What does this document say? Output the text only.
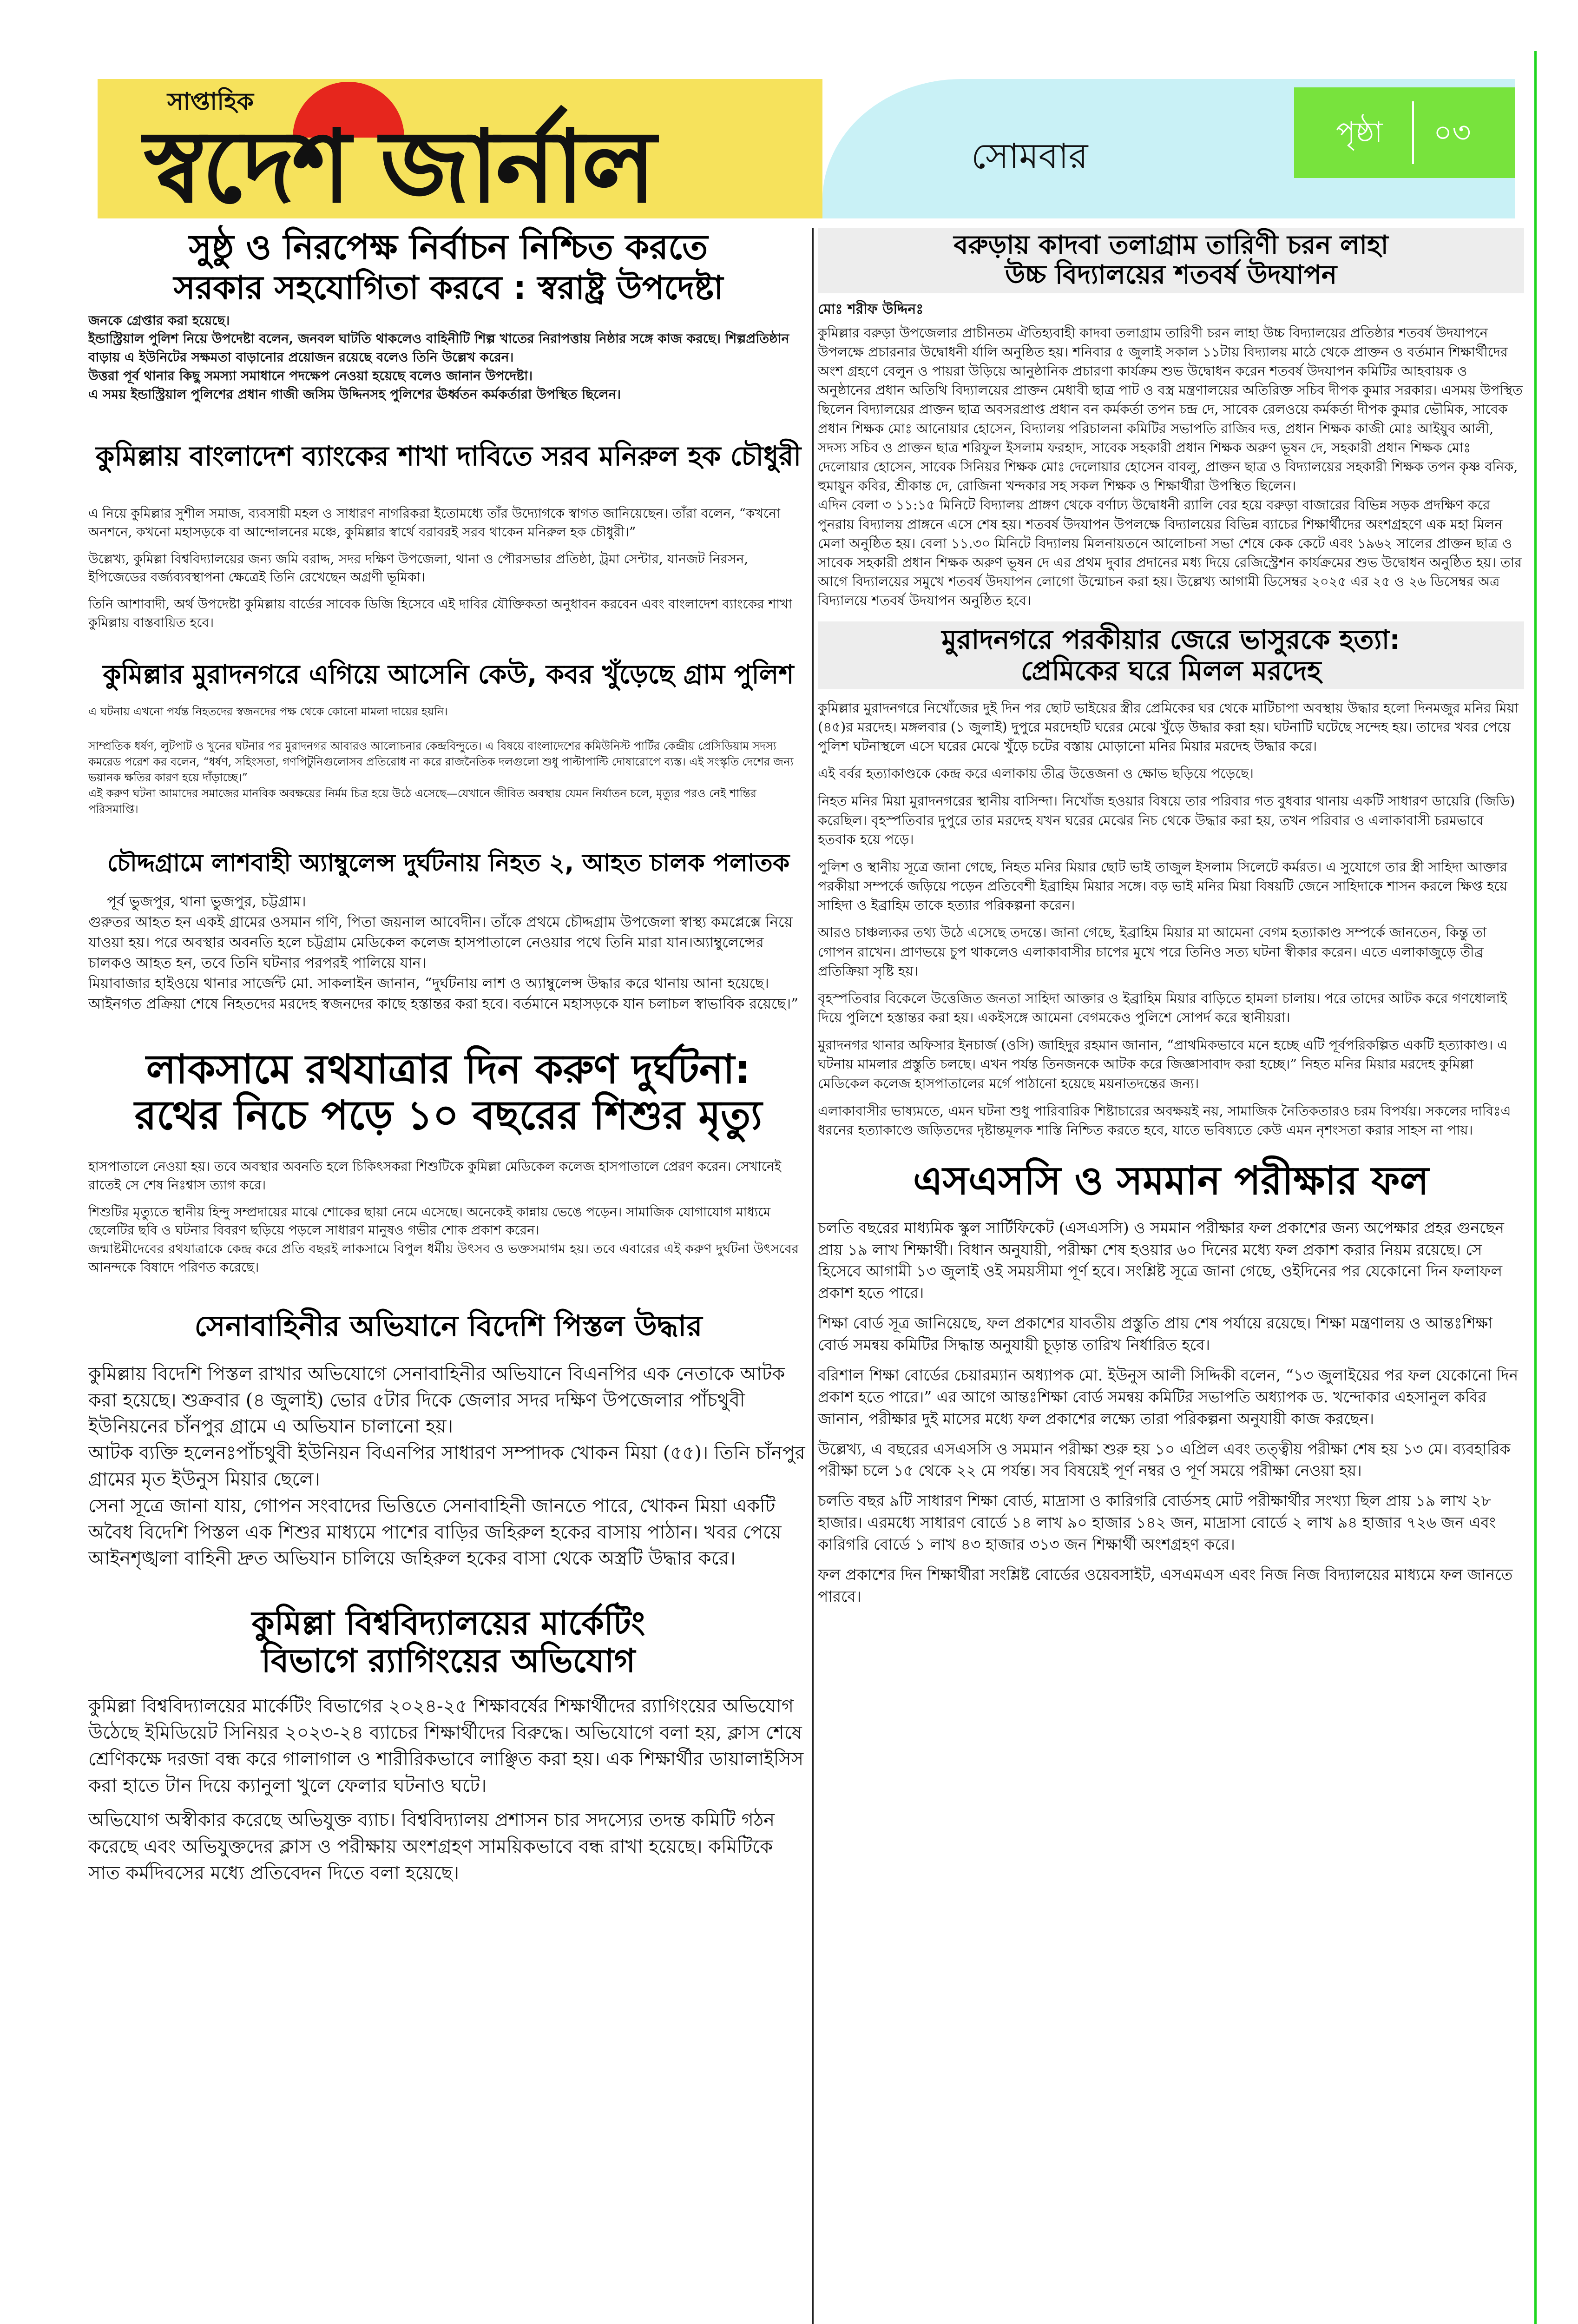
সাপ্তাহিক
স্বদেশ জার্নাল	সোমবার
পৃষ্ঠা ০৩
সুষ্ঠু ও নিরপেক্ষ নির্বাচন নিশ্চিত করতে
সরকার সহযোগিতা করবে : স্বরাষ্ট্র উপদেষ্টা

জনকে গ্রেপ্তার করা হয়েছে।

ইন্ডাস্ট্রিয়াল পুলিশ নিয়ে উপদেষ্টা বলেন, জনবল ঘাটতি থাকলেও বাহিনীটি শিল্প খাতের নিরাপত্তায় নিষ্ঠার সঙ্গে কাজ করছে। শিল্পপ্রতিষ্ঠান বাড়ায় এ ইউনিটের সক্ষমতা বাড়ানোর প্রয়োজন রয়েছে বলেও তিনি উল্লেখ করেন।

উত্তরা পূর্ব থানার কিছু সমস্যা সমাধানে পদক্ষেপ নেওয়া হয়েছে বলেও জানান উপদেষ্টা।

এ সময় ইন্ডাস্ট্রিয়াল পুলিশের প্রধান গাজী জসিম উদ্দিনসহ পুলিশের ঊর্ধ্বতন কর্মকর্তারা উপস্থিত ছিলেন।

কুমিল্লায় বাংলাদেশ ব্যাংকের শাখা দাবিতে সরব মনিরুল হক চৌধুরী

এ নিয়ে কুমিল্লার সুশীল সমাজ, ব্যবসায়ী মহল ও সাধারণ নাগরিকরা ইতোমধ্যে তাঁর উদ্যোগকে স্বাগত জানিয়েছেন। তাঁরা বলেন, “কখনো অনশনে, কখনো মহাসড়কে বা আন্দোলনের মঞ্চে, কুমিল্লার স্বার্থে বরাবরই সরব থাকেন মনিরুল হক চৌধুরী।”

উল্লেখ্য, কুমিল্লা বিশ্ববিদ্যালয়ের জন্য জমি বরাদ্দ, সদর দক্ষিণ উপজেলা, থানা ও পৌরসভার প্রতিষ্ঠা, ট্রমা সেন্টার, যানজট নিরসন, ইপিজেডের বর্জ্যব্যবস্থাপনা ক্ষেত্রেই তিনি রেখেছেন অগ্রণী ভূমিকা।

তিনি আশাবাদী, অর্থ উপদেষ্টা কুমিল্লায় বার্ডের সাবেক ডিজি হিসেবে এই দাবির যৌক্তিকতা অনুধাবন করবেন এবং বাংলাদেশ ব্যাংকের শাখা কুমিল্লায় বাস্তবায়িত হবে।

কুমিল্লার মুরাদনগরে এগিয়ে আসেনি কেউ, কবর খুঁড়েছে গ্রাম পুলিশ

এ ঘটনায় এখনো পর্যন্ত নিহতদের স্বজনদের পক্ষ থেকে কোনো মামলা দায়ের হয়নি।

সাম্প্রতিক ধর্ষণ, লুটপাট ও খুনের ঘটনার পর মুরাদনগর আবারও আলোচনার কেন্দ্রবিন্দুতে। এ বিষয়ে বাংলাদেশের কমিউনিস্ট পার্টির কেন্দ্রীয় প্রেসিডিয়াম সদস্য কমরেড পরেশ কর বলেন, “ধর্ষণ, সহিংসতা, গণপিটুনিগুলোসব প্রতিরোধ না করে রাজনৈতিক দলগুলো শুধু পাল্টাপাল্টি দোষারোপে ব্যস্ত। এই সংস্কৃতি দেশের জন্য ভয়ানক ক্ষতির কারণ হয়ে দাঁড়াচ্ছে।”

এই করুণ ঘটনা আমাদের সমাজের মানবিক অবক্ষয়ের নির্মম চিত্র হয়ে উঠে এসেছে—যেখানে জীবিত অবস্থায় যেমন নির্যাতন চলে, মৃত্যুর পরও নেই শান্তির পরিসমাপ্তি।

চৌদ্দগ্রামে লাশবাহী অ্যাম্বুলেন্স দুর্ঘটনায় নিহত ২, আহত চালক পলাতক

পূর্ব ভুজপুর, থানা ভুজপুর, চট্টগ্রাম।

গুরুতর আহত হন একই গ্রামের ওসমান গণি, পিতা জয়নাল আবেদীন। তাঁকে প্রথমে চৌদ্দগ্রাম উপজেলা স্বাস্থ্য কমপ্লেক্সে নিয়ে যাওয়া হয়। পরে অবস্থার অবনতি হলে চট্টগ্রাম মেডিকেল কলেজ হাসপাতালে নেওয়ার পথে তিনি মারা যান।অ্যাম্বুলেন্সের চালকও আহত হন, তবে তিনি ঘটনার পরপরই পালিয়ে যান।

মিয়াবাজার হাইওয়ে থানার সার্জেন্ট মো. সাকলাইন জানান, “দুর্ঘটনায় লাশ ও অ্যাম্বুলেন্স উদ্ধার করে থানায় আনা হয়েছে। আইনগত প্রক্রিয়া শেষে নিহতদের মরদেহ স্বজনদের কাছে হস্তান্তর করা হবে। বর্তমানে মহাসড়কে যান চলাচল স্বাভাবিক রয়েছে।”

লাকসামে রথযাত্রার দিন করুণ দুর্ঘটনা:
রথের নিচে পড়ে ১০ বছরের শিশুর মৃত্যু

হাসপাতালে নেওয়া হয়। তবে অবস্থার অবনতি হলে চিকিৎসকরা শিশুটিকে কুমিল্লা মেডিকেল কলেজ হাসপাতালে প্রেরণ করেন। সেখানেই রাতেই সে শেষ নিঃশ্বাস ত্যাগ করে।

শিশুটির মৃত্যুতে স্থানীয় হিন্দু সম্প্রদায়ের মাঝে শোকের ছায়া নেমে এসেছে। অনেকেই কান্নায় ভেঙে পড়েন। সামাজিক যোগাযোগ মাধ্যমে ছেলেটির ছবি ও ঘটনার বিবরণ ছড়িয়ে পড়লে সাধারণ মানুষও গভীর শোক প্রকাশ করেন।

জন্মাষ্টমীদেবের রথযাত্রাকে কেন্দ্র করে প্রতি বছরই লাকসামে বিপুল ধর্মীয় উৎসব ও ভক্তসমাগম হয়। তবে এবারের এই করুণ দুর্ঘটনা উৎসবের আনন্দকে বিষাদে পরিণত করেছে।

সেনাবাহিনীর অভিযানে বিদেশি পিস্তল উদ্ধার

কুমিল্লায় বিদেশি পিস্তল রাখার অভিযোগে সেনাবাহিনীর অভিযানে বিএনপির এক নেতাকে আটক করা হয়েছে। শুক্রবার (৪ জুলাই) ভোর ৫টার দিকে জেলার সদর দক্ষিণ উপজেলার পাঁচথুবী ইউনিয়নের চাঁনপুর গ্রামে এ অভিযান চালানো হয়।

আটক ব্যক্তি হলেনঃপাঁচথুবী ইউনিয়ন বিএনপির সাধারণ সম্পাদক খোকন মিয়া (৫৫)। তিনি চাঁনপুর গ্রামের মৃত ইউনুস মিয়ার ছেলে।

সেনা সূত্রে জানা যায়, গোপন সংবাদের ভিত্তিতে সেনাবাহিনী জানতে পারে, খোকন মিয়া একটি অবৈধ বিদেশি পিস্তল এক শিশুর মাধ্যমে পাশের বাড়ির জহিরুল হকের বাসায় পাঠান। খবর পেয়ে আইনশৃঙ্খলা বাহিনী দ্রুত অভিযান চালিয়ে জহিরুল হকের বাসা থেকে অস্ত্রটি উদ্ধার করে।

কুমিল্লা বিশ্ববিদ্যালয়ের মার্কেটিং
বিভাগে র‍্যাগিংয়ের অভিযোগ

কুমিল্লা বিশ্ববিদ্যালয়ের মার্কেটিং বিভাগের ২০২৪-২৫ শিক্ষাবর্ষের শিক্ষার্থীদের র‍্যাগিংয়ের অভিযোগ উঠেছে ইমিডিয়েট সিনিয়র ২০২৩-২৪ ব্যাচের শিক্ষার্থীদের বিরুদ্ধে। অভিযোগে বলা হয়, ক্লাস শেষে শ্রেণিকক্ষে দরজা বন্ধ করে গালাগাল ও শারীরিকভাবে লাঞ্ছিত করা হয়। এক শিক্ষার্থীর ডায়ালাইসিস করা হাতে টান দিয়ে ক্যানুলা খুলে ফেলার ঘটনাও ঘটে।

অভিযোগ অস্বীকার করেছে অভিযুক্ত ব্যাচ। বিশ্ববিদ্যালয় প্রশাসন চার সদস্যের তদন্ত কমিটি গঠন করেছে এবং অভিযুক্তদের ক্লাস ও পরীক্ষায় অংশগ্রহণ সাময়িকভাবে বন্ধ রাখা হয়েছে। কমিটিকে সাত কর্মদিবসের মধ্যে প্রতিবেদন দিতে বলা হয়েছে।

বরুড়ায় কাদবা তলাগ্রাম তারিণী চরন লাহা
উচ্চ বিদ্যালয়ের শতবর্ষ উদযাপন
মোঃ শরীফ উদ্দিনঃ

কুমিল্লার বরুড়া উপজেলার প্রাচীনতম ঐতিহ্যবাহী কাদবা তলাগ্রাম তারিণী চরন লাহা উচ্চ বিদ্যালয়ের প্রতিষ্ঠার শতবর্ষ উদযাপনে উপলক্ষে প্রচারনার উদ্বোধনী র্যালি অনুষ্ঠিত হয়। শনিবার ৫ জুলাই সকাল ১১টায় বিদ্যালয় মাঠে থেকে প্রাক্তন ও বর্তমান শিক্ষার্থীদের অংশ গ্রহণে বেলুন ও পায়রা উড়িয়ে আনুষ্ঠানিক প্রচারণা কার্যক্রম শুভ উদ্বোধন করেন শতবর্ষ উদযাপন কমিটির আহবায়ক ও অনুষ্ঠানের প্রধান অতিথি বিদ্যালয়ের প্রাক্তন মেধাবী ছাত্র পাট ও বস্ত্র মন্ত্রণালয়ের অতিরিক্ত সচিব দীপক কুমার সরকার। এসময় উপস্থিত ছিলেন বিদ্যালয়ের প্রাক্তন ছাত্র অবসরপ্রাপ্ত প্রধান বন কর্মকর্তা তপন চন্দ্র দে, সাবেক রেলওয়ে কর্মকর্তা দীপক কুমার ভৌমিক, সাবেক প্রধান শিক্ষক মোঃ আনোয়ার হোসেন, বিদ্যালয় পরিচালনা কমিটির সভাপতি রাজিব দত্ত, প্রধান শিক্ষক কাজী মোঃ আইয়ুব আলী, সদস্য সচিব ও প্রাক্তন ছাত্র শরিফুল ইসলাম ফরহাদ, সাবেক সহকারী প্রধান শিক্ষক অরুণ ভূষন দে, সহকারী প্রধান শিক্ষক মোঃ দেলোয়ার হোসেন, সাবেক সিনিয়র শিক্ষক মোঃ দেলোয়ার হোসেন বাবলু, প্রাক্তন ছাত্র ও বিদ্যালয়ের সহকারী শিক্ষক তপন কৃষ্ণ বনিক, হুমায়ুন কবির, শ্রীকান্ত দে, রোজিনা খন্দকার সহ সকল শিক্ষক ও শিক্ষার্থীরা উপস্থিত ছিলেন।

এদিন বেলা ৩ ১১:১৫ মিনিটে বিদ্যালয় প্রাঙ্গণ থেকে বর্ণাঢ্য উদ্বোধনী র‍্যালি বের হয়ে বরুড়া বাজারের বিভিন্ন সড়ক প্রদক্ষিণ করে পুনরায় বিদ্যালয় প্রাঙ্গনে এসে শেষ হয়। শতবর্ষ উদযাপন উপলক্ষে বিদ্যালয়ের বিভিন্ন ব্যাচের শিক্ষার্থীদের অংশগ্রহণে এক মহা মিলন মেলা অনুষ্ঠিত হয়। বেলা ১১.৩০ মিনিটে বিদ্যালয় মিলনায়তনে আলোচনা সভা শেষে কেক কেটে এবং ১৯৬২ সালের প্রাক্তন ছাত্র ও সাবেক সহকারী প্রধান শিক্ষক অরুণ ভূষন দে এর প্রথম দুবার প্রদানের মধ্য দিয়ে রেজিস্ট্রেশন কার্যক্রমের শুভ উদ্বোধন অনুষ্ঠিত হয়। তার আগে বিদ্যালয়ের সমুখে শতবর্ষ উদযাপন লোগো উন্মোচন করা হয়। উল্লেখ্য আগামী ডিসেম্বর ২০২৫ এর ২৫ ও ২৬ ডিসেম্বর অত্র বিদ্যালয়ে শতবর্ষ উদযাপন অনুষ্ঠিত হবে।

মুরাদনগরে পরকীয়ার জেরে ভাসুরকে হত্যা:
প্রেমিকের ঘরে মিলল মরদেহ

কুমিল্লার মুরাদনগরে নিখোঁজের দুই দিন পর ছোট ভাইয়ের স্ত্রীর প্রেমিকের ঘর থেকে মাটিচাপা অবস্থায় উদ্ধার হলো দিনমজুর মনির মিয়া (৪৫)র মরদেহ। মঙ্গলবার (১ জুলাই) দুপুরে মরদেহটি ঘরের মেঝে খুঁড়ে উদ্ধার করা হয়। ঘটনাটি ঘটেছে সন্দেহ হয়। তাদের খবর পেয়ে পুলিশ ঘটনাস্থলে এসে ঘরের মেঝে খুঁড়ে চটের বস্তায় মোড়ানো মনির মিয়ার মরদেহ উদ্ধার করে।

এই বর্বর হত্যাকাণ্ডকে কেন্দ্র করে এলাকায় তীব্র উত্তেজনা ও ক্ষোভ ছড়িয়ে পড়েছে।

নিহত মনির মিয়া মুরাদনগরের স্থানীয় বাসিন্দা। নিখোঁজ হওয়ার বিষয়ে তার পরিবার গত বুধবার থানায় একটি সাধারণ ডায়েরি (জিডি) করেছিল। বৃহস্পতিবার দুপুরে তার মরদেহ যখন ঘরের মেঝের নিচ থেকে উদ্ধার করা হয়, তখন পরিবার ও এলাকাবাসী চরমভাবে হতবাক হয়ে পড়ে।

পুলিশ ও স্থানীয় সূত্রে জানা গেছে, নিহত মনির মিয়ার ছোট ভাই তাজুল ইসলাম সিলেটে কর্মরত। এ সুযোগে তার স্ত্রী সাহিদা আক্তার পরকীয়া সম্পর্কে জড়িয়ে পড়েন প্রতিবেশী ইব্রাহিম মিয়ার সঙ্গে। বড় ভাই মনির মিয়া বিষয়টি জেনে সাহিদাকে শাসন করলে ক্ষিপ্ত হয়ে সাহিদা ও ইব্রাহিম তাকে হত্যার পরিকল্পনা করেন।

আরও চাঞ্চল্যকর তথ্য উঠে এসেছে তদন্তে। জানা গেছে, ইব্রাহিম মিয়ার মা আমেনা বেগম হত্যাকাণ্ড সম্পর্কে জানতেন, কিন্তু তা গোপন রাখেন। প্রাণভয়ে চুপ থাকলেও এলাকাবাসীর চাপের মুখে পরে তিনিও সত্য ঘটনা স্বীকার করেন। এতে এলাকাজুড়ে তীব্র প্রতিক্রিয়া সৃষ্টি হয়।

বৃহস্পতিবার বিকেলে উত্তেজিত জনতা সাহিদা আক্তার ও ইব্রাহিম মিয়ার বাড়িতে হামলা চালায়। পরে তাদের আটক করে গণধোলাই দিয়ে পুলিশে হস্তান্তর করা হয়। একইসঙ্গে আমেনা বেগমকেও পুলিশে সোপর্দ করে স্থানীয়রা।

মুরাদনগর থানার অফিসার ইনচার্জ (ওসি) জাহিদুর রহমান জানান, “প্রাথমিকভাবে মনে হচ্ছে এটি পূর্বপরিকল্পিত একটি হত্যাকাণ্ড। এ ঘটনায় মামলার প্রস্তুতি চলছে। এখন পর্যন্ত তিনজনকে আটক করে জিজ্ঞাসাবাদ করা হচ্ছে।” নিহত মনির মিয়ার মরদেহ কুমিল্লা মেডিকেল কলেজ হাসপাতালের মর্গে পাঠানো হয়েছে ময়নাতদন্তের জন্য।

এলাকাবাসীর ভাষ্যমতে, এমন ঘটনা শুধু পারিবারিক শিষ্টাচারের অবক্ষয়ই নয়, সামাজিক নৈতিকতারও চরম বিপর্যয়। সকলের দাবিঃএ ধরনের হত্যাকাণ্ডে জড়িতদের দৃষ্টান্তমূলক শাস্তি নিশ্চিত করতে হবে, যাতে ভবিষ্যতে কেউ এমন নৃশংসতা করার সাহস না পায়।

এসএসসি ও সমমান পরীক্ষার ফল

চলতি বছরের মাধ্যমিক স্কুল সার্টিফিকেট (এসএসসি) ও সমমান পরীক্ষার ফল প্রকাশের জন্য অপেক্ষার প্রহর গুনছেন প্রায় ১৯ লাখ শিক্ষার্থী। বিধান অনুযায়ী, পরীক্ষা শেষ হওয়ার ৬০ দিনের মধ্যে ফল প্রকাশ করার নিয়ম রয়েছে। সে হিসেবে আগামী ১৩ জুলাই ওই সময়সীমা পূর্ণ হবে। সংশ্লিষ্ট সূত্রে জানা গেছে, ওইদিনের পর যেকোনো দিন ফলাফল প্রকাশ হতে পারে।

শিক্ষা বোর্ড সূত্র জানিয়েছে, ফল প্রকাশের যাবতীয় প্রস্তুতি প্রায় শেষ পর্যায়ে রয়েছে। শিক্ষা মন্ত্রণালয় ও আন্তঃশিক্ষা বোর্ড সমন্বয় কমিটির সিদ্ধান্ত অনুযায়ী চূড়ান্ত তারিখ নির্ধারিত হবে।

বরিশাল শিক্ষা বোর্ডের চেয়ারম্যান অধ্যাপক মো. ইউনুস আলী সিদ্দিকী বলেন, “১৩ জুলাইয়ের পর ফল যেকোনো দিন প্রকাশ হতে পারে।” এর আগে আন্তঃশিক্ষা বোর্ড সমন্বয় কমিটির সভাপতি অধ্যাপক ড. খন্দোকার এহসানুল কবির জানান, পরীক্ষার দুই মাসের মধ্যে ফল প্রকাশের লক্ষ্যে তারা পরিকল্পনা অনুযায়ী কাজ করছেন।

উল্লেখ্য, এ বছরের এসএসসি ও সমমান পরীক্ষা শুরু হয় ১০ এপ্রিল এবং তত্ত্বীয় পরীক্ষা শেষ হয় ১৩ মে। ব্যবহারিক পরীক্ষা চলে ১৫ থেকে ২২ মে পর্যন্ত। সব বিষয়েই পূর্ণ নম্বর ও পূর্ণ সময়ে পরীক্ষা নেওয়া হয়।

চলতি বছর ৯টি সাধারণ শিক্ষা বোর্ড, মাদ্রাসা ও কারিগরি বোর্ডসহ মোট পরীক্ষার্থীর সংখ্যা ছিল প্রায় ১৯ লাখ ২৮ হাজার। এরমধ্যে সাধারণ বোর্ডে ১৪ লাখ ৯০ হাজার ১৪২ জন, মাদ্রাসা বোর্ডে ২ লাখ ৯৪ হাজার ৭২৬ জন এবং কারিগরি বোর্ডে ১ লাখ ৪৩ হাজার ৩১৩ জন শিক্ষার্থী অংশগ্রহণ করে।

ফল প্রকাশের দিন শিক্ষার্থীরা সংশ্লিষ্ট বোর্ডের ওয়েবসাইট, এসএমএস এবং নিজ নিজ বিদ্যালয়ের মাধ্যমে ফল জানতে পারবে।
